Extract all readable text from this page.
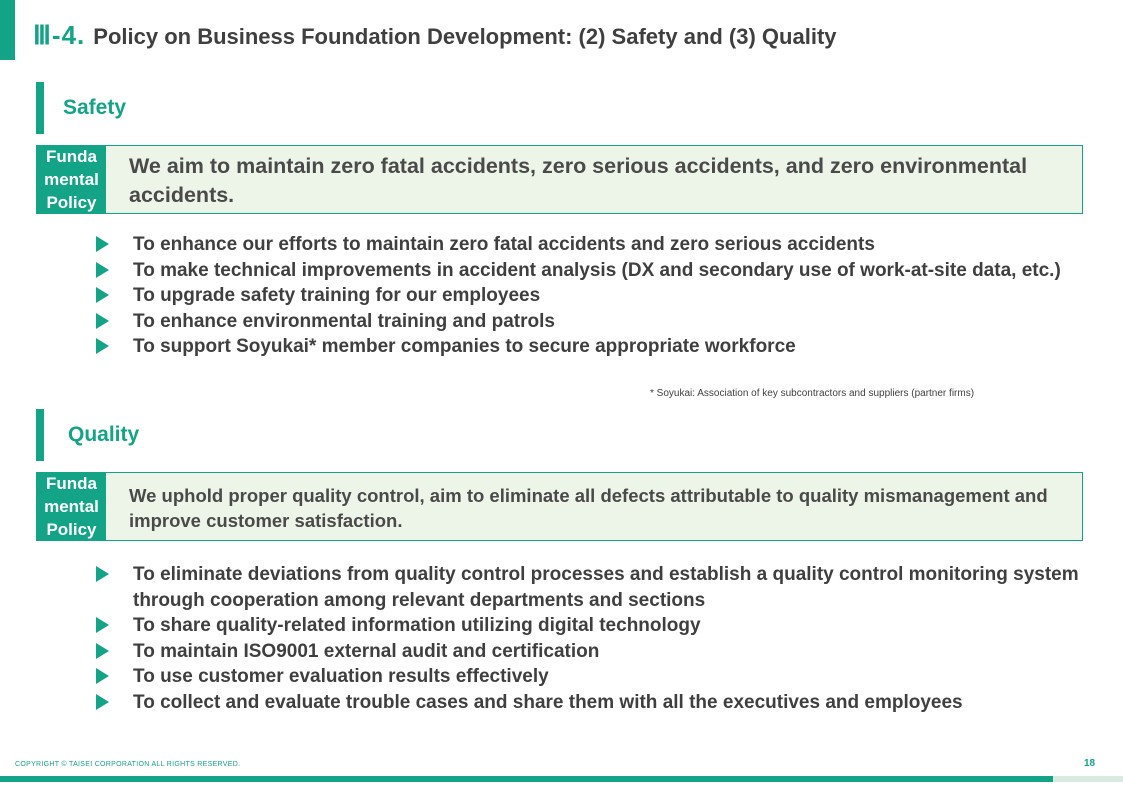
Ⅲ-4. Policy on Business Foundation Development: (2) Safety and (3) Quality
Safety
Funda
mental
Policy
We aim to maintain zero fatal accidents, zero serious accidents, and zero environmental accidents.
To enhance our efforts to maintain zero fatal accidents and zero serious accidents
To make technical improvements in accident analysis (DX and secondary use of work-at-site data, etc.)
To upgrade safety training for our employees
To enhance environmental training and patrols
To support Soyukai* member companies to secure appropriate workforce
* Soyukai: Association of key subcontractors and suppliers (partner firms)
Quality
Funda
mental
Policy
We uphold proper quality control, aim to eliminate all defects attributable to quality mismanagement and improve customer satisfaction.
To eliminate deviations from quality control processes and establish a quality control monitoring system through cooperation among relevant departments and sections
To share quality-related information utilizing digital technology
To maintain ISO9001 external audit and certification
To use customer evaluation results effectively
To collect and evaluate trouble cases and share them with all the executives and employees
COPYRIGHT © TAISEI CORPORATION ALL RIGHTS RESERVED.	18
